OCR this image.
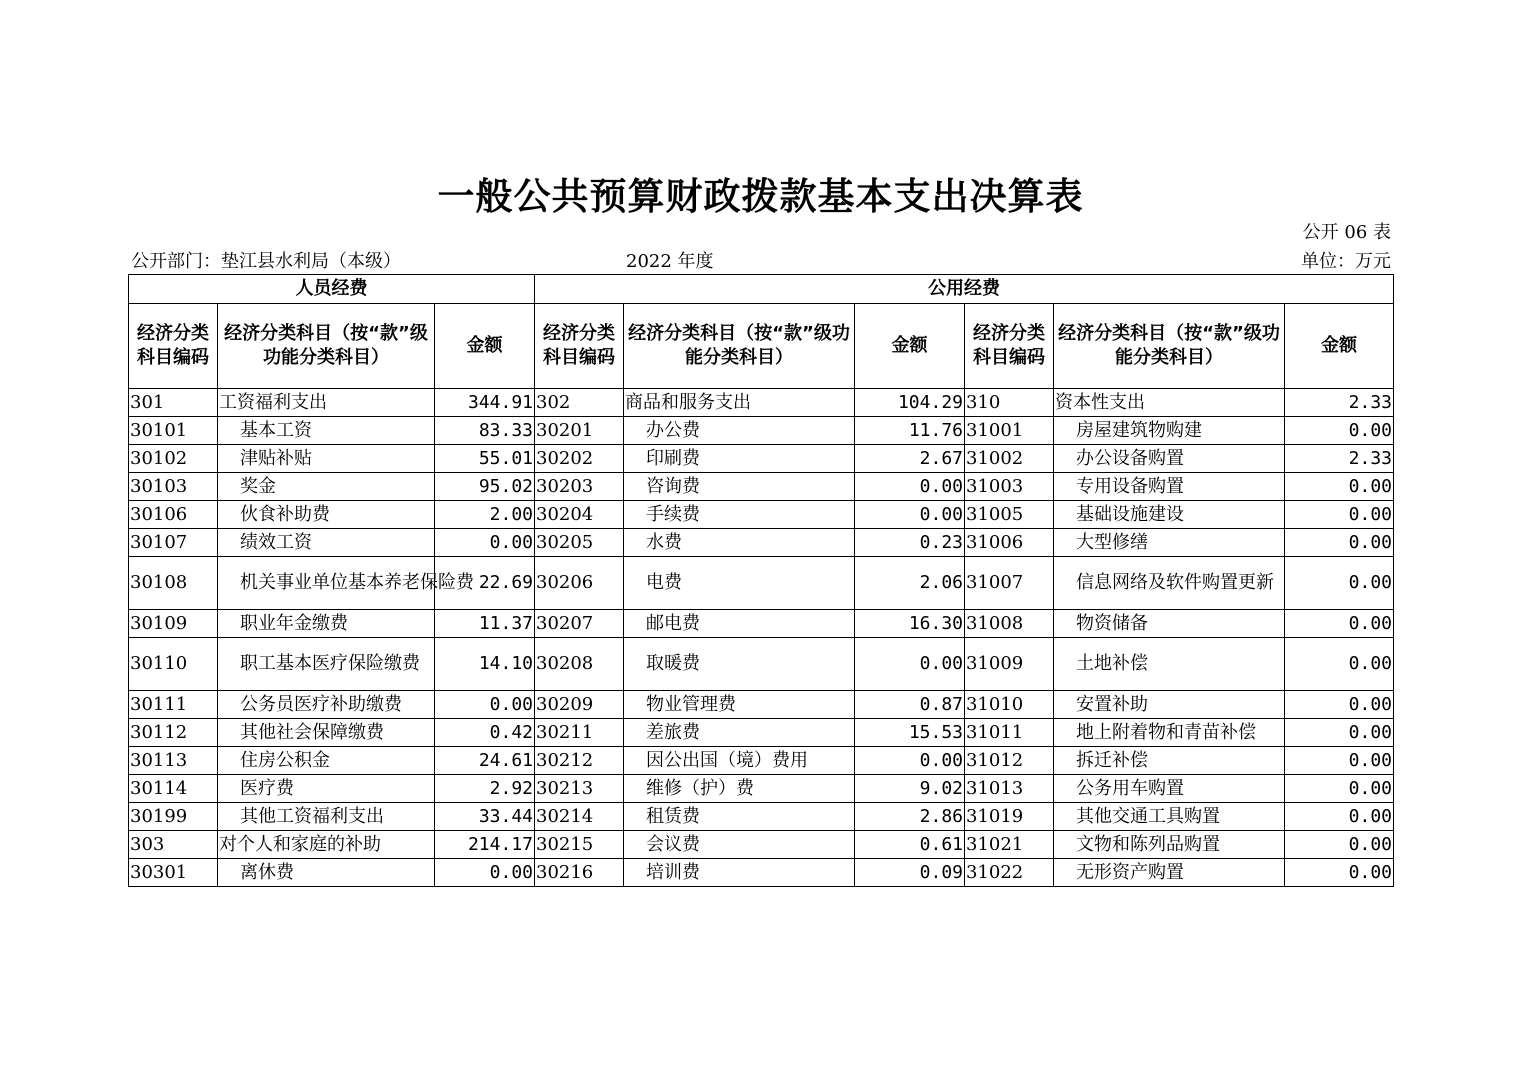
一般公共预算财政拨款基本支出决算表
公开 06 表
公开部门：垫江县水利局（本级）	2022 年度	单位：万元
人员经费			公用经费					
经济分类科目编码	经济分类科目（按“款”级功能分类科目）	金额	经济分类科目编码	经济分类科目（按“款”级功能分类科目）	金额	经济分类科目编码	经济分类科目（按“款”级功能分类科目）	金额
301	工资福利支出	344.91	302	商品和服务支出	104.29	310	资本性支出	2.33
30101	基本工资	83.33	30201	办公费	11.76	31001	房屋建筑物购建	0.00
30102	津贴补贴	55.01	30202	印刷费	2.67	31002	办公设备购置	2.33
30103	奖金	95.02	30203	咨询费	0.00	31003	专用设备购置	0.00
30106	伙食补助费	2.00	30204	手续费	0.00	31005	基础设施建设	0.00
30107	绩效工资	0.00	30205	水费	0.23	31006	大型修缮	0.00
30108	机关事业单位基本养老保险费	22.69	30206	电费	2.06	31007	信息网络及软件购置更新	0.00
30109	职业年金缴费	11.37	30207	邮电费	16.30	31008	物资储备	0.00
30110	职工基本医疗保险缴费	14.10	30208	取暖费	0.00	31009	土地补偿	0.00
30111	公务员医疗补助缴费	0.00	30209	物业管理费	0.87	31010	安置补助	0.00
30112	其他社会保障缴费	0.42	30211	差旅费	15.53	31011	地上附着物和青苗补偿	0.00
30113	住房公积金	24.61	30212	因公出国（境）费用	0.00	31012	拆迁补偿	0.00
30114	医疗费	2.92	30213	维修（护）费	9.02	31013	公务用车购置	0.00
30199	其他工资福利支出	33.44	30214	租赁费	2.86	31019	其他交通工具购置	0.00
303	对个人和家庭的补助	214.17	30215	会议费	0.61	31021	文物和陈列品购置	0.00
30301	离休费	0.00	30216	培训费	0.09	31022	无形资产购置	0.00
